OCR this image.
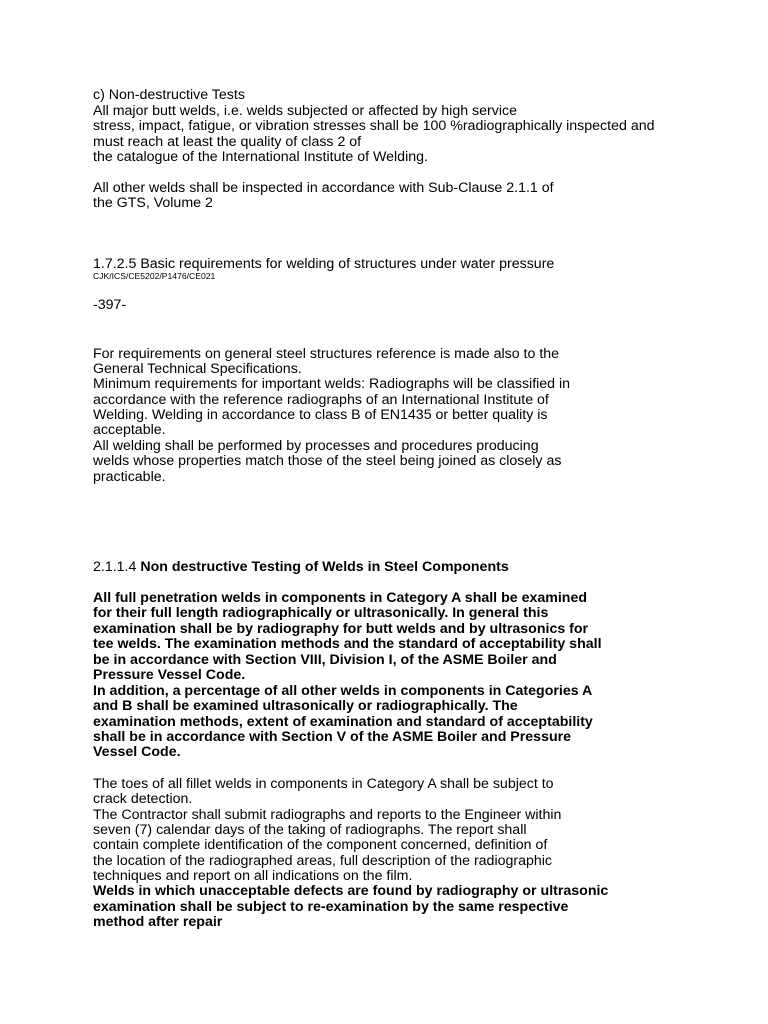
c) Non-destructive Tests

All major butt welds, i.e. welds subjected or affected by high service

stress, impact, fatigue, or vibration stresses shall be 100 %radiographically inspected and

must reach at least the quality of class 2 of

the catalogue of the International Institute of Welding.

All other welds shall be inspected in accordance with Sub-Clause 2.1.1 of

the GTS, Volume 2

1.7.2.5 Basic requirements for welding of structures under water pressure

CJK/ICS/CE5202/P1476/CE021

-397-

For requirements on general steel structures reference is made also to the

General Technical Specifications.

Minimum requirements for important welds: Radiographs will be classified in

accordance with the reference radiographs of an International Institute of

Welding. Welding in accordance to class B of EN1435 or better quality is

acceptable.

All welding shall be performed by processes and procedures producing

welds whose properties match those of the steel being joined as closely as

practicable.

2.1.1.4 Non destructive Testing of Welds in Steel Components

All full penetration welds in components in Category A shall be examined

for their full length radiographically or ultrasonically. In general this

examination shall be by radiography for butt welds and by ultrasonics for

tee welds. The examination methods and the standard of acceptability shall

be in accordance with Section VIII, Division I, of the ASME Boiler and

Pressure Vessel Code.

In addition, a percentage of all other welds in components in Categories A

and B shall be examined ultrasonically or radiographically. The

examination methods, extent of examination and standard of acceptability

shall be in accordance with Section V of the ASME Boiler and Pressure

Vessel Code.

The toes of all fillet welds in components in Category A shall be subject to

crack detection.

The Contractor shall submit radiographs and reports to the Engineer within

seven (7) calendar days of the taking of radiographs. The report shall

contain complete identification of the component concerned, definition of

the location of the radiographed areas, full description of the radiographic

techniques and report on all indications on the film.

Welds in which unacceptable defects are found by radiography or ultrasonic

examination shall be subject to re-examination by the same respective

method after repair
